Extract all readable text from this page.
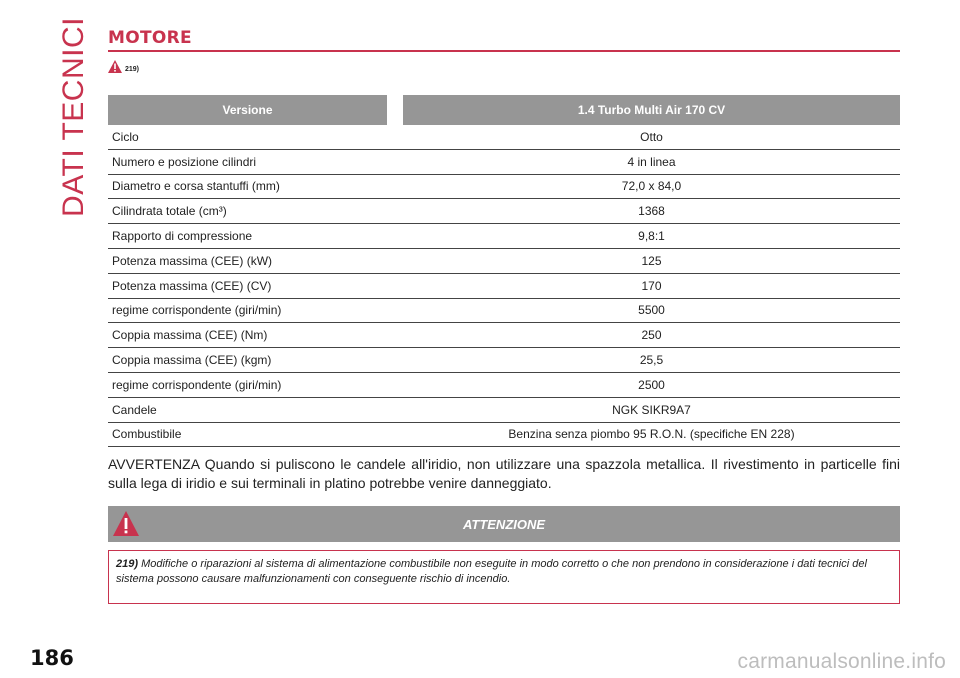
DATI TECNICI MOTORE
219)
Versione		1.4 Turbo Multi Air 170 CV
Ciclo		Otto
Numero e posizione cilindri		4 in linea
Diametro e corsa stantuffi (mm)		72,0 x 84,0
Cilindrata totale (cm³)		1368
Rapporto di compressione		9,8:1
Potenza massima (CEE) (kW)		125
Potenza massima (CEE) (CV)		170
regime corrispondente (giri/min)		5500
Coppia massima (CEE) (Nm)		250
Coppia massima (CEE) (kgm)		25,5
regime corrispondente (giri/min)		2500
Candele		NGK SIKR9A7
Combustibile		Benzina senza piombo 95 R.O.N. (specifiche EN 228)
AVVERTENZA Quando si puliscono le candele all'iridio, non utilizzare una spazzola metallica. Il rivestimento in particelle fini sulla lega di iridio e sui terminali in platino potrebbe venire danneggiato.
ATTENZIONE
219) Modifiche o riparazioni al sistema di alimentazione combustibile non eseguite in modo corretto o che non prendono in considerazione i dati tecnici del sistema possono causare malfunzionamenti con conseguente rischio di incendio.
186	carmanualsonline.info
